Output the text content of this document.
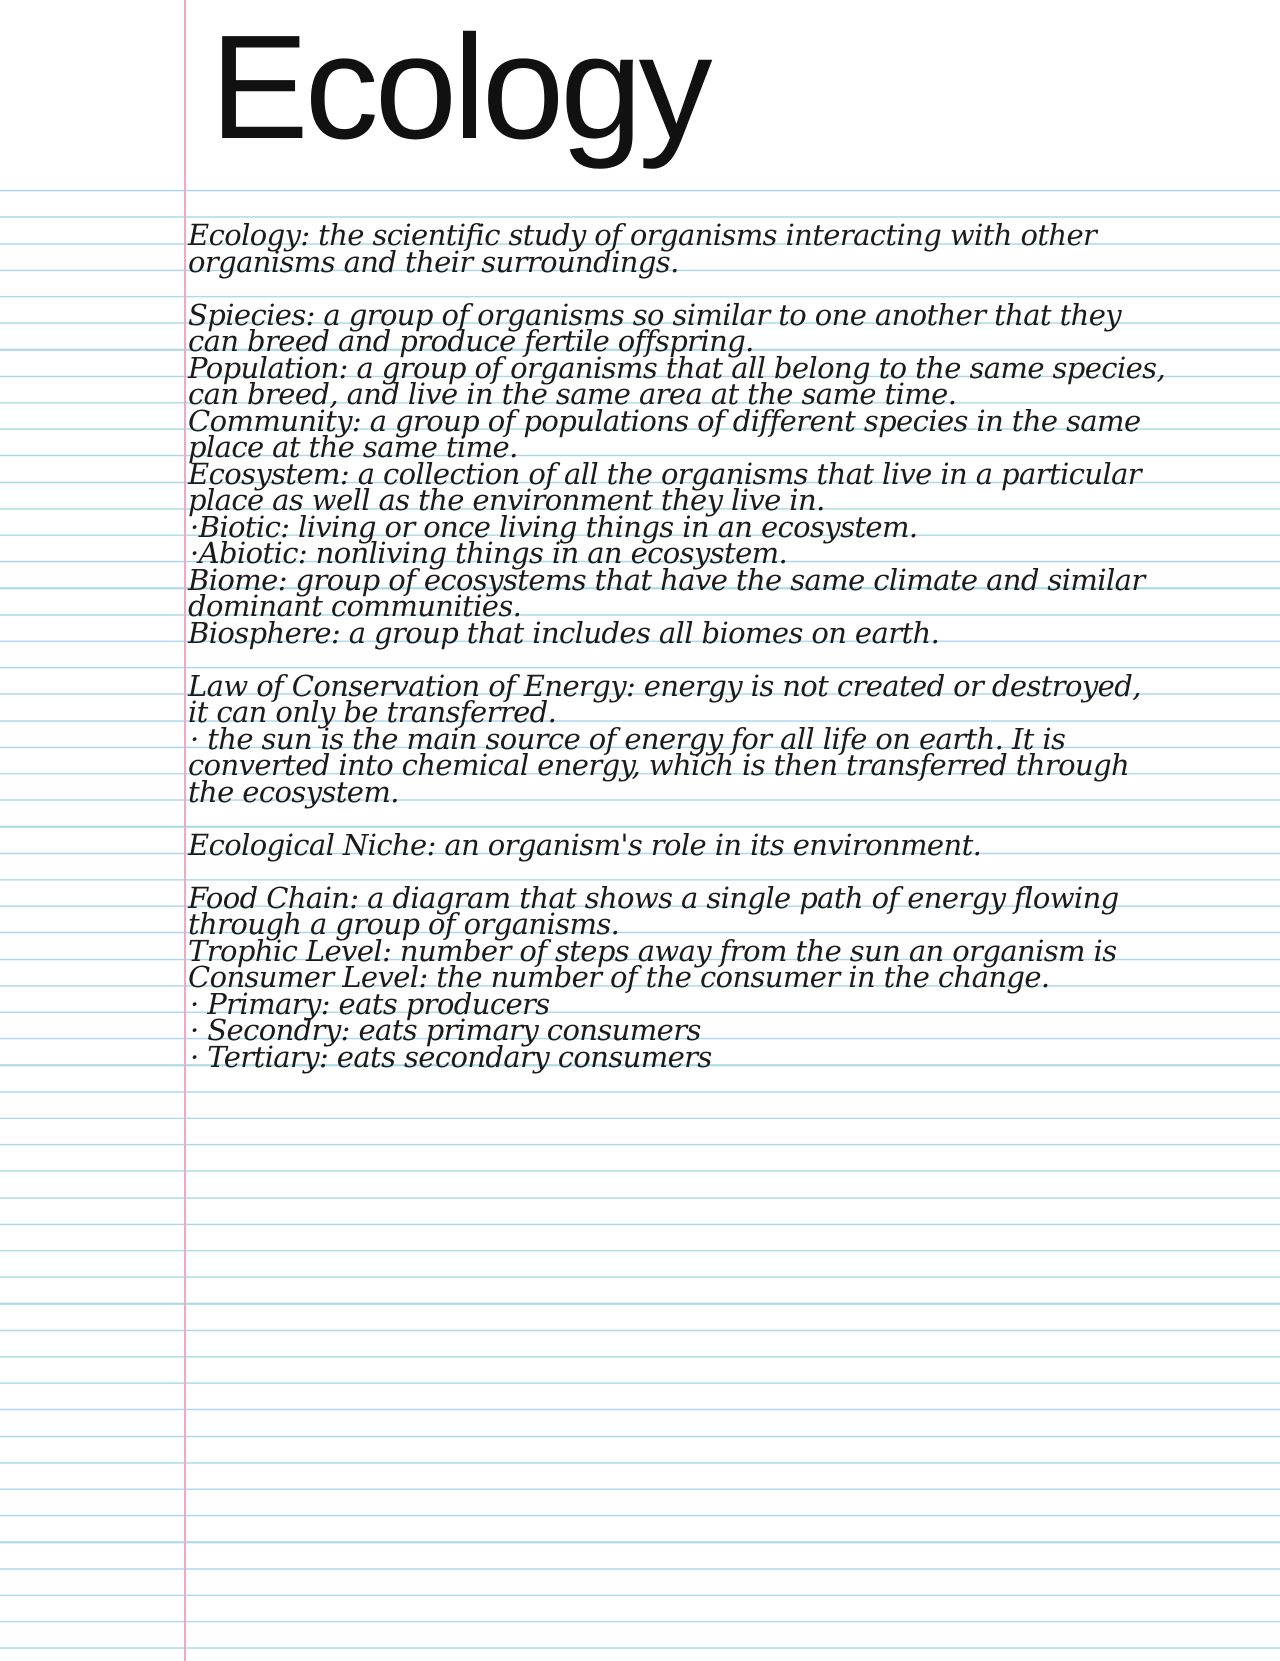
Ecology
Ecology: the scientific study of organisms interacting with other
organisms and their surroundings.
Spiecies: a group of organisms so similar to one another that they
can breed and produce fertile offspring.
Population: a group of organisms that all belong to the same species,
can breed, and live in the same area at the same time.
Community: a group of populations of different species in the same
place at the same time.
Ecosystem: a collection of all the organisms that live in a particular
place as well as the environment they live in.
·Biotic: living or once living things in an ecosystem.
·Abiotic: nonliving things in an ecosystem.
Biome: group of ecosystems that have the same climate and similar
dominant communities.
Biosphere: a group that includes all biomes on earth.
Law of Conservation of Energy: energy is not created or destroyed,
it can only be transferred.
· the sun is the main source of energy for all life on earth. It is
converted into chemical energy, which is then transferred through
the ecosystem.
Ecological Niche: an organism's role in its environment.
Food Chain: a diagram that shows a single path of energy flowing
through a group of organisms.
Trophic Level: number of steps away from the sun an organism is
Consumer Level: the number of the consumer in the change.
· Primary: eats producers
· Secondry: eats primary consumers
· Tertiary: eats secondary consumers
